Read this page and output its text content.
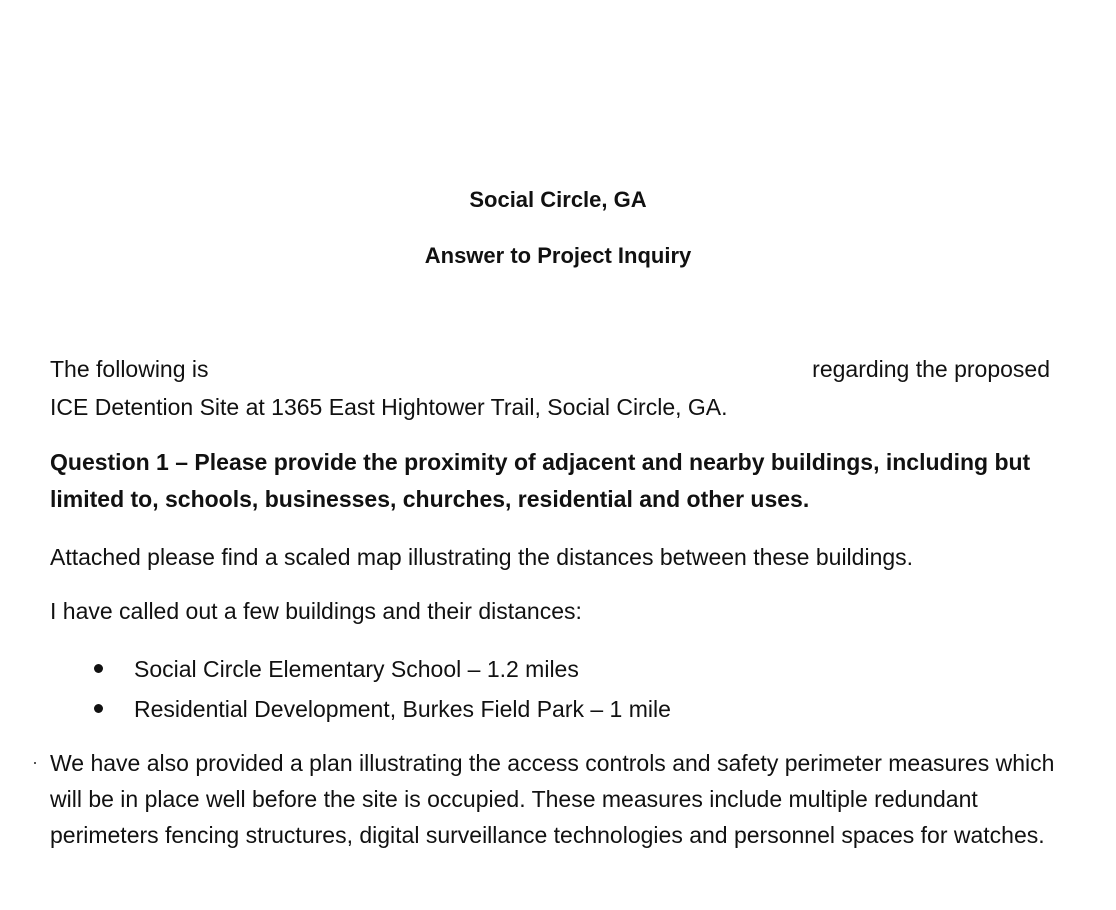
Social Circle, GA
Answer to Project Inquiry
The following is	regarding the proposed

ICE Detention Site at 1365 East Hightower Trail, Social Circle, GA.

Question 1 – Please provide the proximity of adjacent and nearby buildings, including but limited to, schools, businesses, churches, residential and other uses.

Attached please find a scaled map illustrating the distances between these buildings.

I have called out a few buildings and their distances:

Social Circle Elementary School – 1.2 miles
Residential Development, Burkes Field Park – 1 mile

We have also provided a plan illustrating the access controls and safety perimeter measures which will be in place well before the site is occupied. These measures include multiple redundant perimeters fencing structures, digital surveillance technologies and personnel spaces for watches.
